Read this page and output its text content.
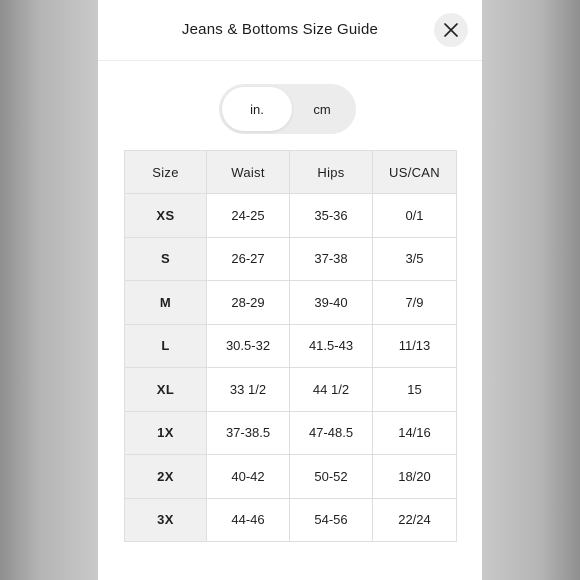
Jeans & Bottoms Size Guide
in.	cm
Size	Waist	Hips	US/CAN
XS	24-25	35-36	0/1
S	26-27	37-38	3/5
M	28-29	39-40	7/9
L	30.5-32	41.5-43	11/13
XL	33 1/2	44 1/2	15
1X	37-38.5	47-48.5	14/16
2X	40-42	50-52	18/20
3X	44-46	54-56	22/24
